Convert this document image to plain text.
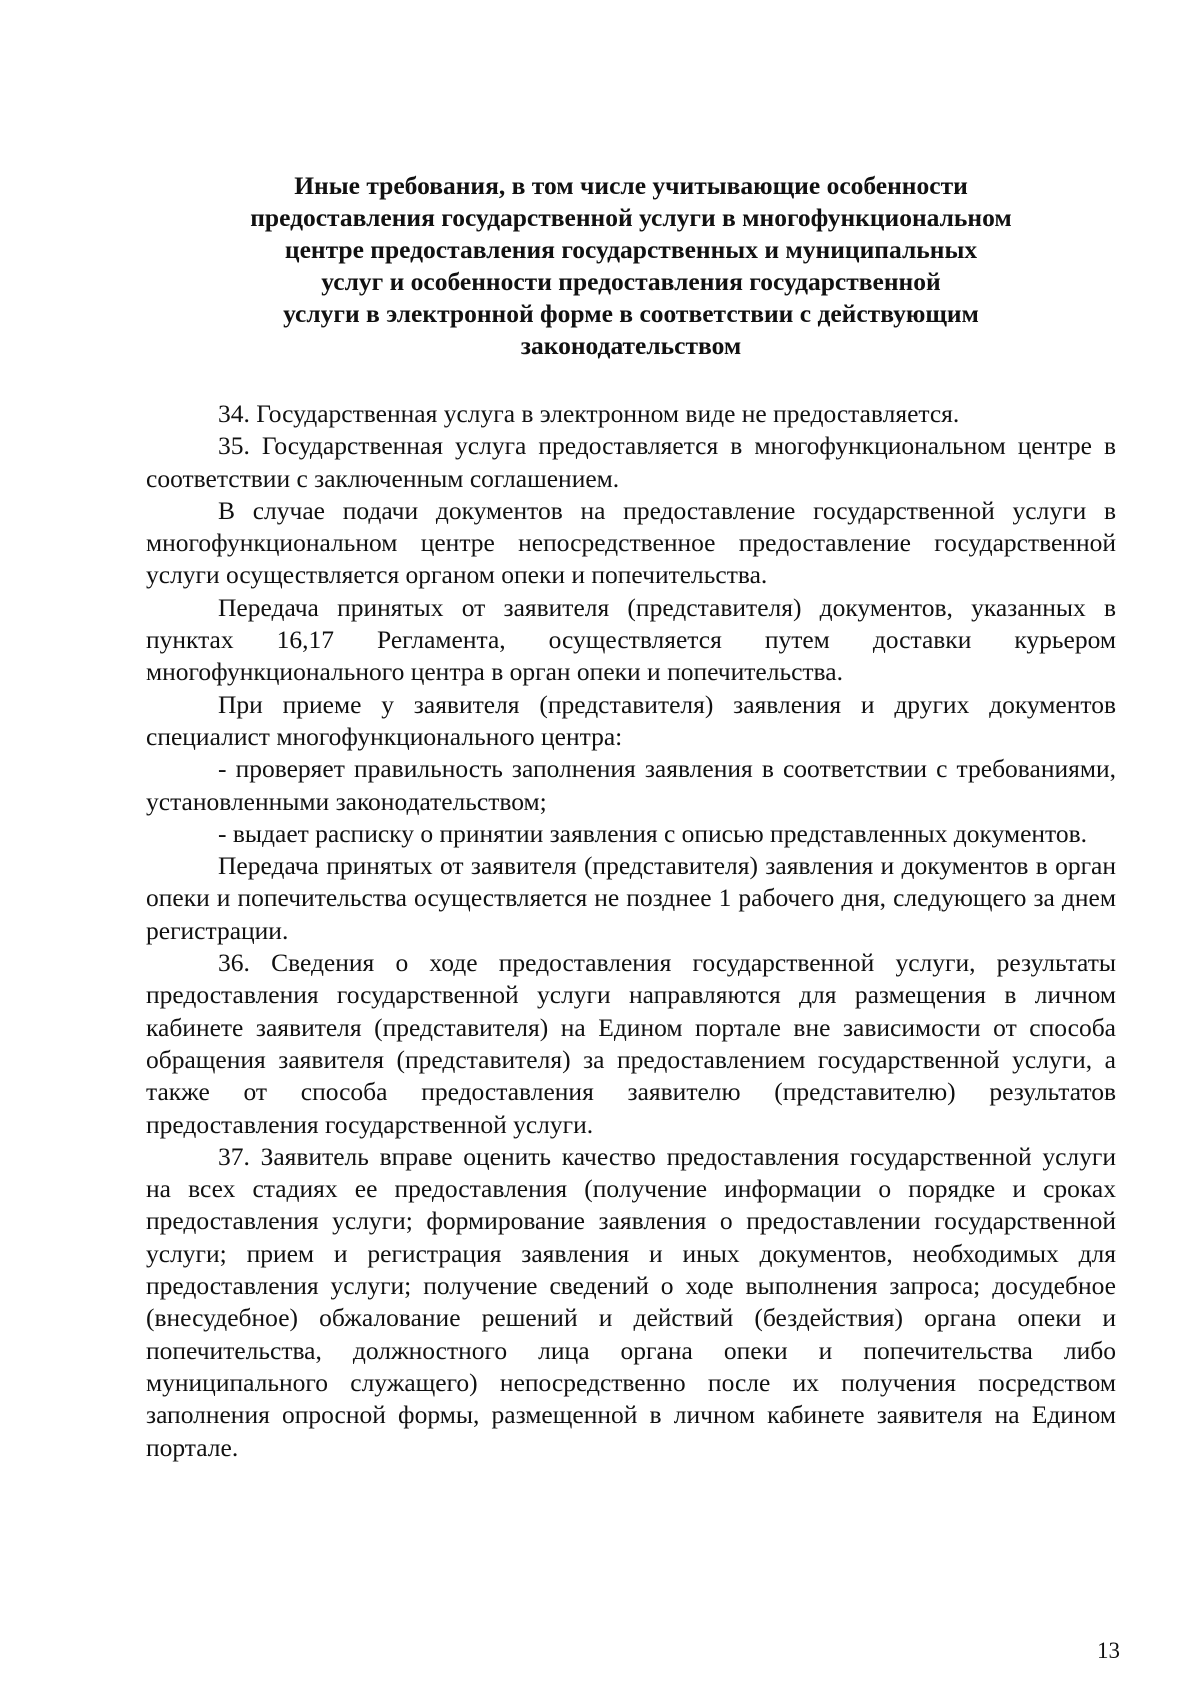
Иные требования, в том числе учитывающие особенности
предоставления государственной услуги в многофункциональном
центре предоставления государственных и муниципальных
услуг и особенности предоставления государственной
услуги в электронной форме в соответствии с действующим
законодательством

34. Государственная услуга в электронном виде не предоставляется.

35. Государственная услуга предоставляется в многофункциональном центре в соответствии с заключенным соглашением.

В случае подачи документов на предоставление государственной услуги в многофункциональном центре непосредственное предоставление государственной услуги осуществляется органом опеки и попечительства.

Передача принятых от заявителя (представителя) документов, указанных в пунктах 16,17 Регламента, осуществляется путем доставки курьером многофункционального центра в орган опеки и попечительства.

При приеме у заявителя (представителя) заявления и других документов специалист многофункционального центра:

- проверяет правильность заполнения заявления в соответствии с требованиями, установленными законодательством;

- выдает расписку о принятии заявления с описью представленных документов.

Передача принятых от заявителя (представителя) заявления и документов в орган опеки и попечительства осуществляется не позднее 1 рабочего дня, следующего за днем регистрации.

36. Сведения о ходе предоставления государственной услуги, результаты предоставления государственной услуги направляются для размещения в личном кабинете заявителя (представителя) на Едином портале вне зависимости от способа обращения заявителя (представителя) за предоставлением государственной услуги, а также от способа предоставления заявителю (представителю) результатов предоставления государственной услуги.

37. Заявитель вправе оценить качество предоставления государственной услуги на всех стадиях ее предоставления (получение информации о порядке и сроках предоставления услуги; формирование заявления о предоставлении государственной услуги; прием и регистрация заявления и иных документов, необходимых для предоставления услуги; получение сведений о ходе выполнения запроса; досудебное (внесудебное) обжалование решений и действий (бездействия) органа опеки и попечительства, должностного лица органа опеки и попечительства либо муниципального служащего) непосредственно после их получения посредством заполнения опросной формы, размещенной в личном кабинете заявителя на Едином портале.

13
